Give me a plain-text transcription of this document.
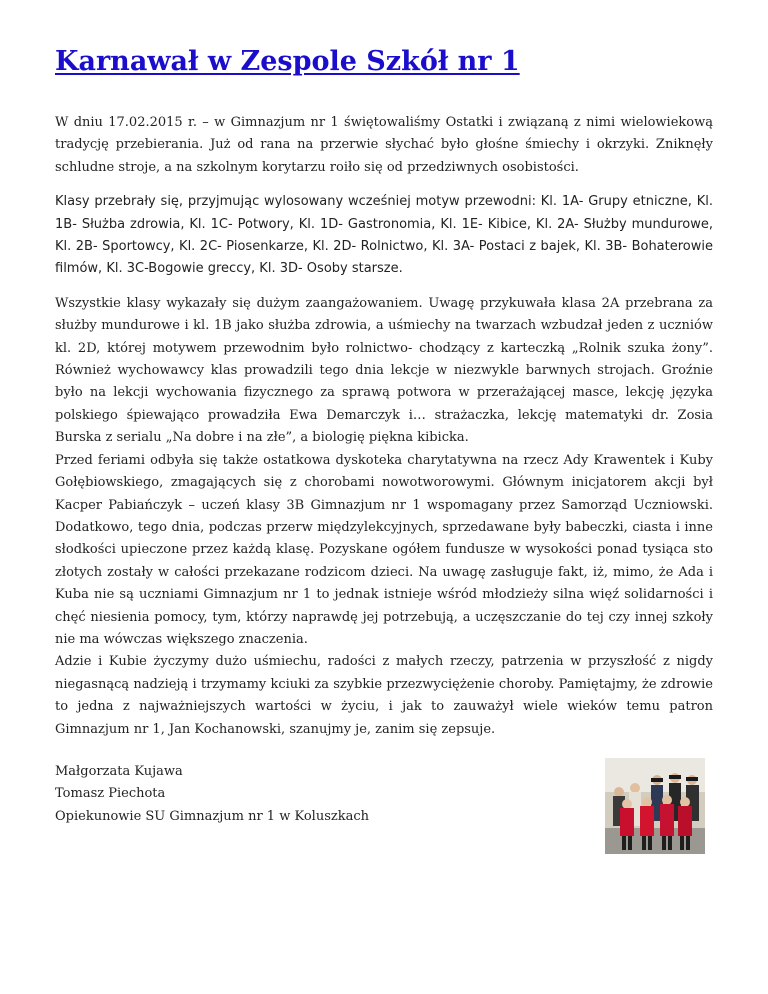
Karnawał w Zespole Szkół nr 1

W dniu 17.02.2015 r. – w Gimnazjum nr 1 świętowaliśmy Ostatki i związaną z nimi wielowiekową tradycję przebierania. Już od rana na przerwie słychać było głośne śmiechy i okrzyki. Zniknęły schludne stroje, a na szkolnym korytarzu roiło się od przedziwnych osobistości.

Klasy przebrały się, przyjmując wylosowany wcześniej motyw przewodni: Kl. 1A- Grupy etniczne, Kl. 1B- Służba zdrowia, Kl. 1C- Potwory, Kl. 1D- Gastronomia, Kl. 1E- Kibice, Kl. 2A- Służby mundurowe, Kl. 2B- Sportowcy, Kl. 2C- Piosenkarze, Kl. 2D- Rolnictwo, Kl. 3A- Postaci z bajek, Kl. 3B- Bohaterowie filmów, Kl. 3C-Bogowie greccy, Kl. 3D- Osoby starsze.

Wszystkie klasy wykazały się dużym zaangażowaniem. Uwagę przykuwała klasa 2A przebrana za służby mundurowe i kl. 1B jako służba zdrowia, a uśmiechy na twarzach wzbudzał jeden z uczniów kl. 2D, której motywem przewodnim było rolnictwo- chodzący z karteczką „Rolnik szuka żony”. Również wychowawcy klas prowadzili tego dnia lekcje w niezwykle barwnych strojach. Groźnie było na lekcji wychowania fizycznego za sprawą potwora w przerażającej masce, lekcję języka polskiego śpiewająco prowadziła Ewa Demarczyk i… strażaczka, lekcję matematyki dr. Zosia Burska z serialu „Na dobre i na złe”, a biologię piękna kibicka.

Przed feriami odbyła się także ostatkowa dyskoteka charytatywna na rzecz Ady Krawentek i Kuby Gołębiowskiego, zmagających się z chorobami nowotworowymi. Głównym inicjatorem akcji był Kacper Pabiańczyk – uczeń klasy 3B Gimnazjum nr 1 wspomagany przez Samorząd Uczniowski. Dodatkowo, tego dnia, podczas przerw międzylekcyjnych, sprzedawane były babeczki, ciasta i inne słodkości upieczone przez każdą klasę. Pozyskane ogółem fundusze w wysokości ponad tysiąca sto złotych zostały w całości przekazane rodzicom dzieci. Na uwagę zasługuje fakt, iż, mimo, że Ada i Kuba nie są uczniami Gimnazjum nr 1 to jednak istnieje wśród młodzieży silna więź solidarności i chęć niesienia pomocy, tym, którzy naprawdę jej potrzebują, a uczęszczanie do tej czy innej szkoły nie ma wówczas większego znaczenia.

Adzie i Kubie życzymy dużo uśmiechu, radości z małych rzeczy, patrzenia w przyszłość z nigdy niegasnącą nadzieją i trzymamy kciuki za szybkie przezwyciężenie choroby. Pamiętajmy, że zdrowie to jedna z najważniejszych wartości w życiu, i jak to zauważył wiele wieków temu patron Gimnazjum nr 1, Jan Kochanowski, szanujmy je, zanim się zepsuje.

Małgorzata Kujawa

Tomasz Piechota

Opiekunowie SU Gimnazjum nr 1 w Koluszkach
